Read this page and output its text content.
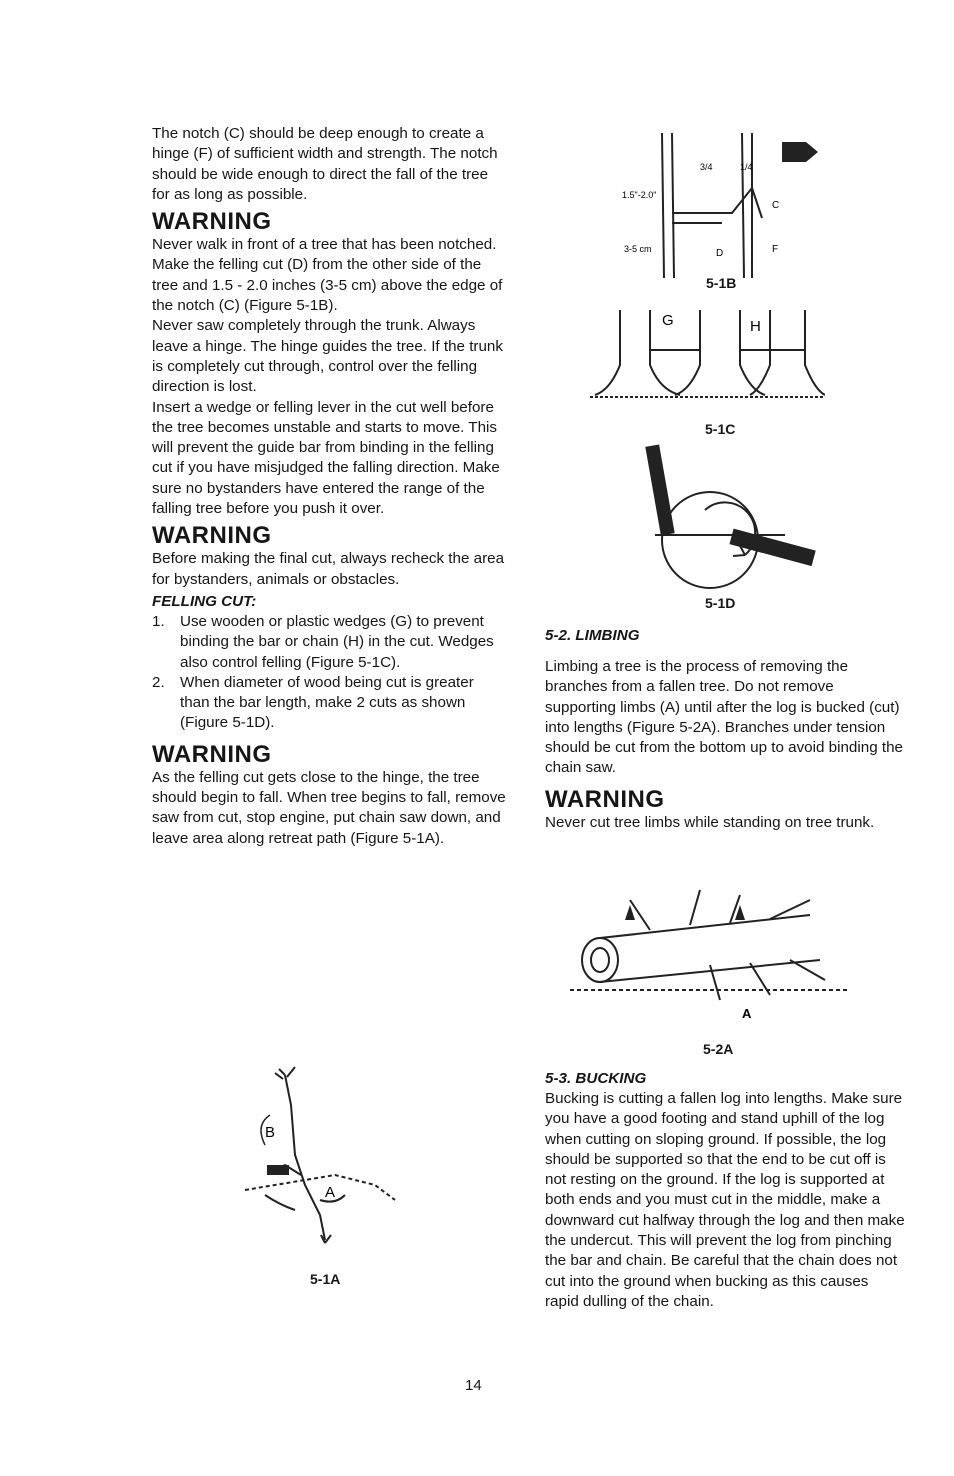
The notch (C) should be deep enough to create a hinge (F) of sufficient width and strength. The notch should be wide enough to direct the fall of the tree for as long as possible.

WARNING

Never walk in front of a tree that has been notched.

Make the felling cut (D) from the other side of the tree and 1.5 - 2.0 inches (3-5 cm) above the edge of the notch (C) (Figure 5-1B).

Never saw completely through the trunk. Always leave a hinge. The hinge guides the tree. If the trunk is completely cut through, control over the felling direction is lost.

Insert a wedge or felling lever in the cut well before the tree becomes unstable and starts to move. This will prevent the guide bar from binding in the felling cut if you have misjudged the falling direction. Make sure no bystanders have entered the range of the falling tree before you push it over.

WARNING

Before making the final cut, always recheck the area for bystanders, animals or obstacles.

FELLING CUT:
1. Use wooden or plastic wedges (G) to prevent binding the bar or chain (H) in the cut. Wedges also control felling (Figure 5-1C).
2. When diameter of wood being cut is greater than the bar length, make 2 cuts as shown (Figure 5-1D).
WARNING

As the felling cut gets close to the hinge, the tree should begin to fall. When tree begins to fall, remove saw from cut, stop engine, put chain saw down, and leave area along retreat path (Figure 5-1A).

B
A
5-1A
1.5"-2.0"
3-5 cm
3/4	1/4
C
D	F
5-1B
G	H
5-1C
5-1D
5-2. LIMBING

Limbing a tree is the process of removing the branches from a fallen tree. Do not remove supporting limbs (A) until after the log is bucked (cut) into lengths (Figure 5-2A). Branches under tension should be cut from the bottom up to avoid binding the chain saw.

WARNING

Never cut tree limbs while standing on tree trunk.

A
5-2A
5-3. BUCKING

Bucking is cutting a fallen log into lengths. Make sure you have a good footing and stand uphill of the log when cutting on sloping ground. If possible, the log should be supported so that the end to be cut off is not resting on the ground. If the log is supported at both ends and you must cut in the middle, make a downward cut halfway through the log and then make the undercut. This will prevent the log from pinching the bar and chain. Be careful that the chain does not cut into the ground when bucking as this causes rapid dulling of the chain.

14
